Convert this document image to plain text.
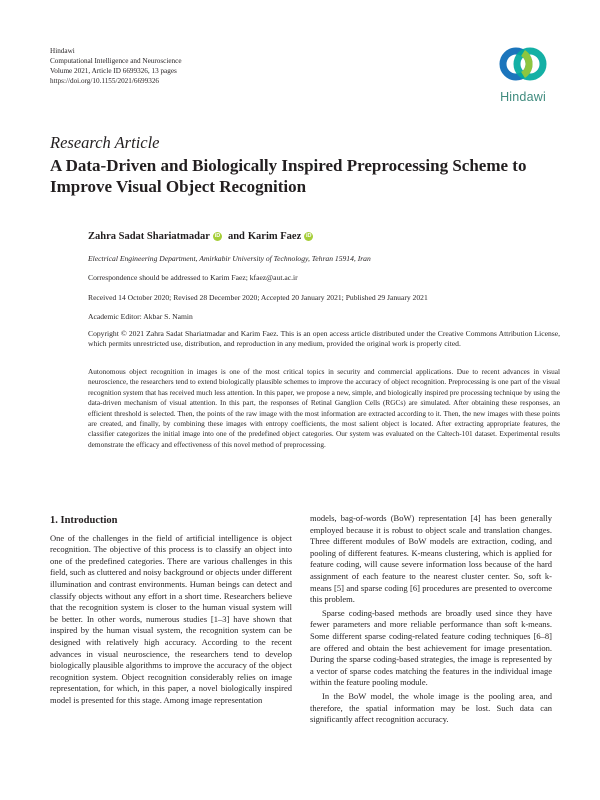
Hindawi
Computational Intelligence and Neuroscience
Volume 2021, Article ID 6699326, 13 pages
https://doi.org/10.1155/2021/6699326
Hindawi
Research Article
A Data-Driven and Biologically Inspired Preprocessing Scheme to Improve Visual Object Recognition
Zahra Sadat Shariatmadar iD and Karim Faez iD
Electrical Engineering Department, Amirkabir University of Technology, Tehran 15914, Iran
Correspondence should be addressed to Karim Faez; kfaez@aut.ac.ir
Received 14 October 2020; Revised 28 December 2020; Accepted 20 January 2021; Published 29 January 2021
Academic Editor: Akbar S. Namin
Copyright © 2021 Zahra Sadat Shariatmadar and Karim Faez. This is an open access article distributed under the Creative Commons Attribution License, which permits unrestricted use, distribution, and reproduction in any medium, provided the original work is properly cited.
Autonomous object recognition in images is one of the most critical topics in security and commercial applications. Due to recent advances in visual neuroscience, the researchers tend to extend biologically plausible schemes to improve the accuracy of object recognition. Preprocessing is one part of the visual recognition system that has received much less attention. In this paper, we propose a new, simple, and biologically inspired pre processing technique by using the data-driven mechanism of visual attention. In this part, the responses of Retinal Ganglion Cells (RGCs) are simulated. After obtaining these responses, an efficient threshold is selected. Then, the points of the raw image with the most information are extracted according to it. Then, the new images with these points are created, and finally, by combining these images with entropy coefficients, the most salient object is located. After extracting appropriate features, the classifier categorizes the initial image into one of the predefined object categories. Our system was evaluated on the Caltech-101 dataset. Experimental results demonstrate the efficacy and effectiveness of this novel method of preprocessing.
1. Introduction

One of the challenges in the field of artificial intelligence is object recognition. The objective of this process is to classify an object into one of the predefined categories. There are various challenges in this field, such as cluttered and noisy background or objects under different illumination and contrast environments. Human beings can detect and classify objects without any effort in a short time. Researchers believe that the recognition system is closer to the human visual system will be better. In other words, numerous studies [1–3] have shown that inspired by the human visual system, the recognition system can be designed with relatively high accuracy. According to the recent advances in visual neuroscience, the researchers tend to develop biologically plausible algorithms to improve the accuracy of the object recognition system. Object recognition considerably relies on image representation, for which, in this paper, a novel biologically inspired model is presented for this stage. Among image representation

models, bag-of-words (BoW) representation [4] has been generally employed because it is robust to object scale and translation changes. Three different modules of BoW models are extraction, coding, and pooling of different features. K-means clustering, which is applied for feature coding, will cause severe information loss because of the hard assignment of each feature to the nearest cluster center. So, soft k-means [5] and sparse coding [6] procedures are presented to overcome this problem.

Sparse coding-based methods are broadly used since they have fewer parameters and more reliable performance than soft k-means. Some different sparse coding-related feature coding techniques [6–8] are offered and obtain the best achievement for image presentation. During the sparse coding-based strategies, the image is represented by a vector of sparse codes matching the features in the individual image within the feature pooling module.

In the BoW model, the whole image is the pooling area, and therefore, the spatial information may be lost. Such data can significantly affect recognition accuracy.
